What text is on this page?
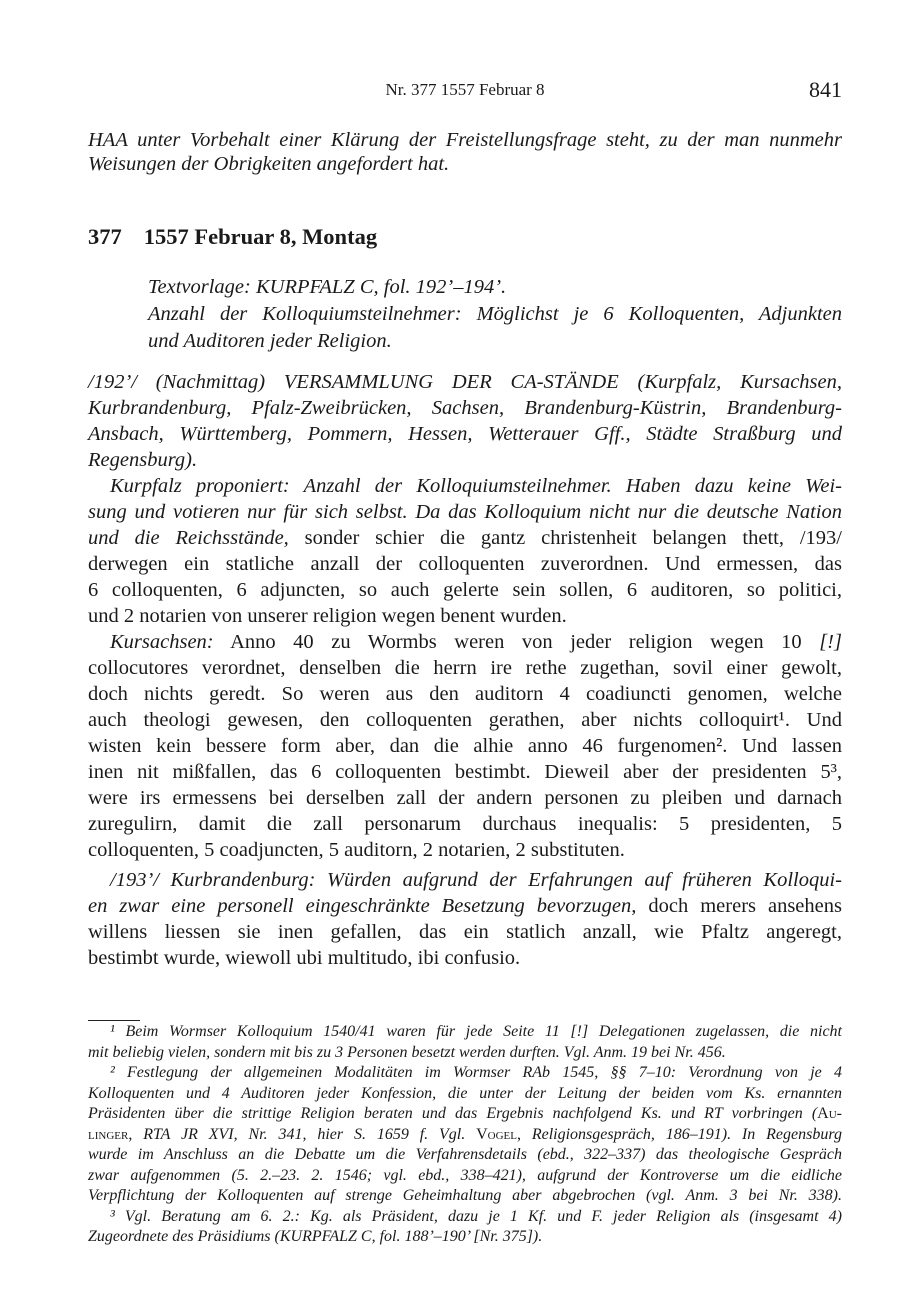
Nr. 377 1557 Februar 8	841
377 1557 Februar 8, Montag
HAA unter Vorbehalt einer Klärung der Freistellungsfrage steht, zu der man nunmehr
Weisungen der Obrigkeiten angefordert hat.
Textvorlage: KURPFALZ C, fol. 192’–194’.
Anzahl der Kolloquiumsteilnehmer: Möglichst je 6 Kolloquenten, Adjunkten
und Auditoren jeder Religion.
/192’/ (Nachmittag) VERSAMMLUNG DER CA-STÄNDE (Kurpfalz, Kursachsen,
Kurbrandenburg, Pfalz-Zweibrücken, Sachsen, Brandenburg-Küstrin, Brandenburg-
Ansbach, Württemberg, Pommern, Hessen, Wetterauer Gff., Städte Straßburg und
Regensburg).
Kurpfalz proponiert: Anzahl der Kolloquiumsteilnehmer. Haben dazu keine Wei-
sung und votieren nur für sich selbst. Da das Kolloquium nicht nur die deutsche Nation
und die Reichsstände, sonder schier die gantz christenheit belangen thett, /193/
derwegen ein statliche anzall der colloquenten zuverordnen. Und ermessen, das
6 colloquenten, 6 adjuncten, so auch gelerte sein sollen, 6 auditoren, so politici,
und 2 notarien von unserer religion wegen benent wurden.
Kursachsen: Anno 40 zu Wormbs weren von jeder religion wegen 10 [!]
collocutores verordnet, denselben die herrn ire rethe zugethan, sovil einer gewolt,
doch nichts geredt. So weren aus den auditorn 4 coadiuncti genomen, welche
auch theologi gewesen, den colloquenten gerathen, aber nichts colloquirt¹. Und
wisten kein bessere form aber, dan die alhie anno 46 furgenomen². Und lassen
inen nit mißfallen, das 6 colloquenten bestimbt. Dieweil aber der presidenten 5³,
were irs ermessens bei derselben zall der andern personen zu pleiben und darnach
zuregulirn, damit die zall personarum durchaus inequalis: 5 presidenten, 5
colloquenten, 5 coadjuncten, 5 auditorn, 2 notarien, 2 substituten.
/193’/ Kurbrandenburg: Würden aufgrund der Erfahrungen auf früheren Kolloqui-
en zwar eine personell eingeschränkte Besetzung bevorzugen, doch merers ansehens
willens liessen sie inen gefallen, das ein statlich anzall, wie Pfaltz angeregt,
bestimbt wurde, wiewoll ubi multitudo, ibi confusio.
¹ Beim Wormser Kolloquium 1540/41 waren für jede Seite 11 [!] Delegationen zugelassen, die nicht
mit beliebig vielen, sondern mit bis zu 3 Personen besetzt werden durften. Vgl. Anm. 19 bei Nr. 456.
² Festlegung der allgemeinen Modalitäten im Wormser RAb 1545, §§ 7–10: Verordnung von je 4
Kolloquenten und 4 Auditoren jeder Konfession, die unter der Leitung der beiden vom Ks. ernannten
Präsidenten über die strittige Religion beraten und das Ergebnis nachfolgend Ks. und RT vorbringen (Au-
linger, RTA JR XVI, Nr. 341, hier S. 1659 f. Vgl. Vogel, Religionsgespräch, 186–191). In Regensburg
wurde im Anschluss an die Debatte um die Verfahrensdetails (ebd., 322–337) das theologische Gespräch
zwar aufgenommen (5. 2.–23. 2. 1546; vgl. ebd., 338–421), aufgrund der Kontroverse um die eidliche
Verpflichtung der Kolloquenten auf strenge Geheimhaltung aber abgebrochen (vgl. Anm. 3 bei Nr. 338).
³ Vgl. Beratung am 6. 2.: Kg. als Präsident, dazu je 1 Kf. und F. jeder Religion als (insgesamt 4)
Zugeordnete des Präsidiums (KURPFALZ C, fol. 188’–190’ [Nr. 375]).
